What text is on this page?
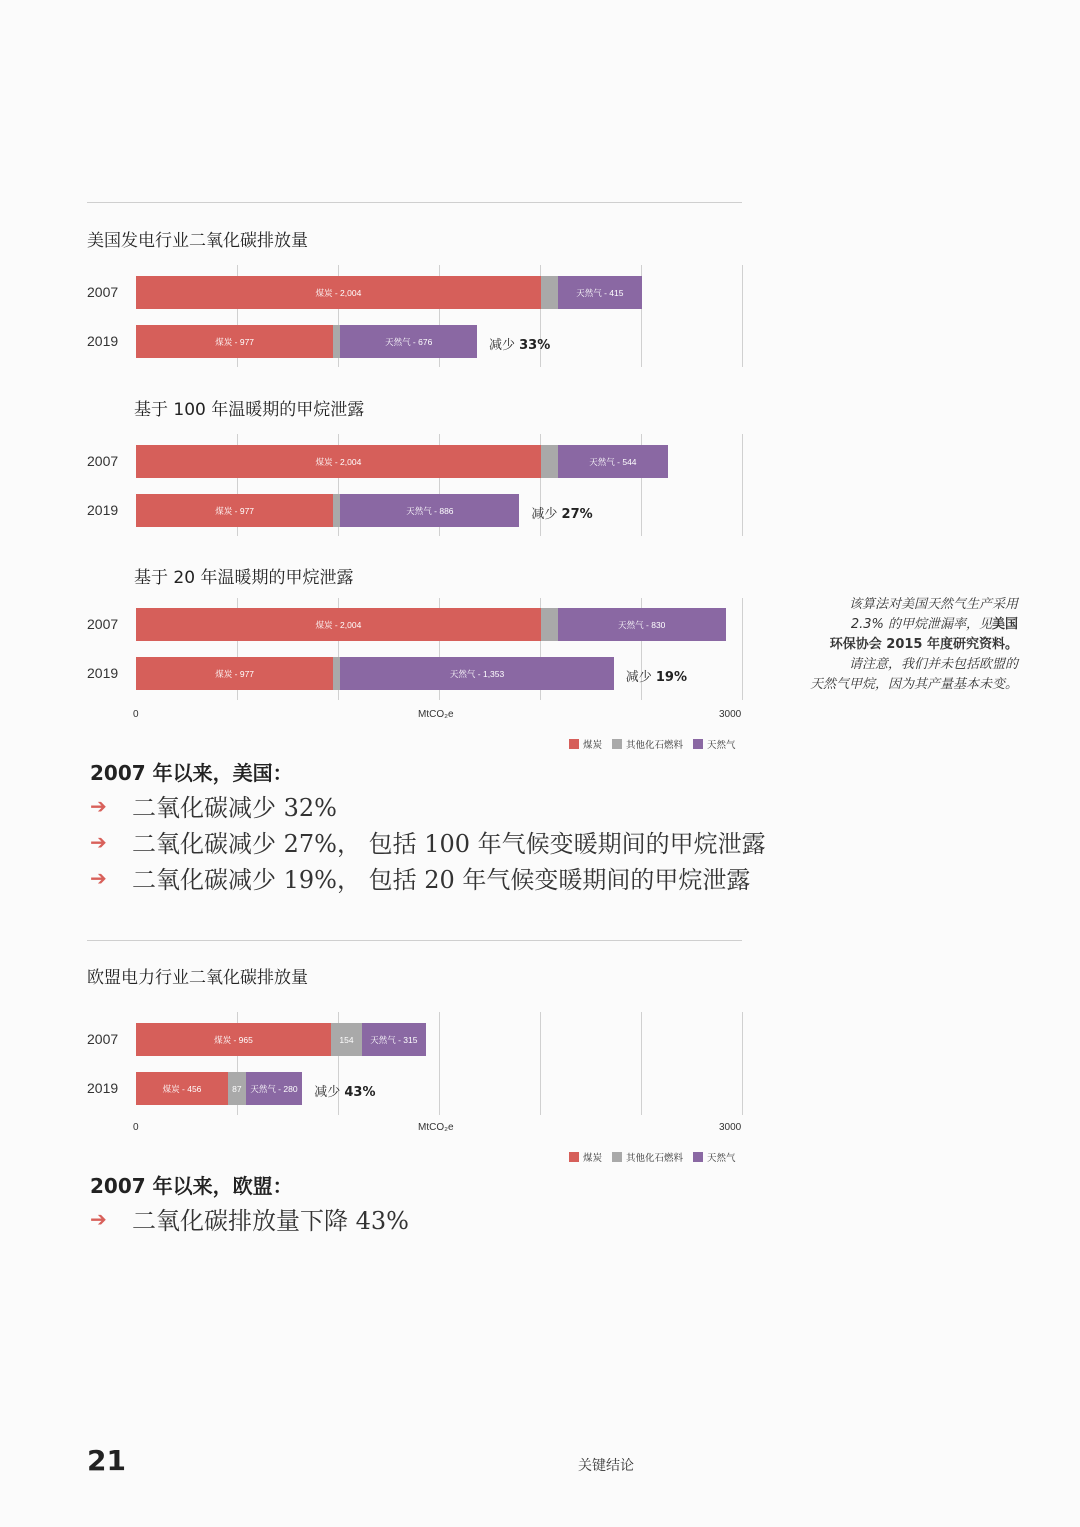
美国发电行业二氧化碳排放量
2007	煤炭 - 2,004	天然气 - 415
2019	煤炭 - 977	天然气 - 676	减少 33%
基于 100 年温暖期的甲烷泄露
2007	煤炭 - 2,004	天然气 - 544
2019	煤炭 - 977	天然气 - 886	减少 27%
基于 20 年温暖期的甲烷泄露
2007	煤炭 - 2,004	天然气 - 830
2019	煤炭 - 977	天然气 - 1,353	减少 19%
0	MtCO₂e	3000
煤炭	其他化石燃料	天然气
该算法对美国天然气生产采用
2.3% 的甲烷泄漏率，见美国
环保协会 2015 年度研究资料。
请注意，我们并未包括欧盟的
天然气甲烷，因为其产量基本未变。
2007 年以来，美国：
➔	二氧化碳减少 32%
➔	二氧化碳减少 27%， 包括 100 年气候变暖期间的甲烷泄露
➔	二氧化碳减少 19%， 包括 20 年气候变暖期间的甲烷泄露
欧盟电力行业二氧化碳排放量
2007	煤炭 - 965	154	天然气 - 315
2019	煤炭 - 456	87	天然气 - 280	减少 43%
0	MtCO₂e	3000
煤炭	其他化石燃料	天然气
2007 年以来，欧盟：
➔	二氧化碳排放量下降 43%
21	关键结论
